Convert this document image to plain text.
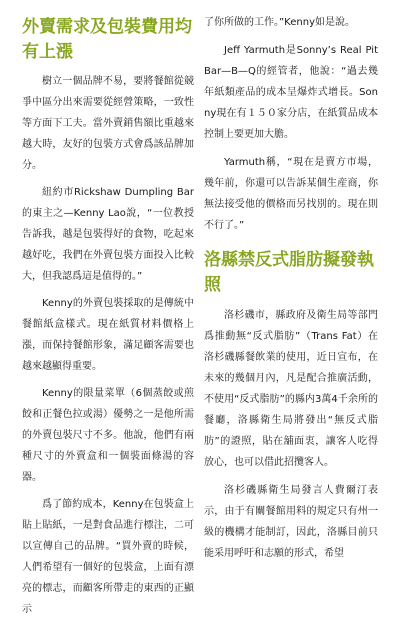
外賣需求及包裝費用均有上漲

樹立一個品牌不易，要將餐館從競爭中區分出來需要從經營策略，一致性等方面下工夫。當外賣銷售額比重越來越大時，友好的包裝方式會爲該品牌加分。

紐約市Rickshaw Dumpling Bar的東主之—Kenny Lao說，“一位教授告訴我，越是包裝得好的食物，吃起來越好吃，我們在外賣包裝方面投入比較大，但我認爲這是值得的。”

Kenny的外賣包裝採取的是傳統中餐館紙盒樣式。現在紙質材料價格上漲，而保持餐館形象，滿足顧客需要也越來越顯得重要。

Kenny的限量菜單（6個蒸餃或煎餃和正餐色拉或湯）優勢之一是他所需的外賣包裝尺寸不多。他說，他們有兩種尺寸的外賣盒和一個裝面條湯的容器。

爲了節約成本，Kenny在包裝盒上貼上貼紙，一是對食品進行標注，二可以宣傳自己的品牌。“買外賣的時候，人們希望有一個好的包裝盒，上面有漂亮的標志，而顧客所帶走的東西的正顯示

了你所做的工作。”Kenny如是說。

Jeff Yarmuth是Sonny’s Real Pit Bar—B—Q的經管者，他說：“過去幾年紙類產品的成本呈爆炸式增長。Sonny現在有１５０家分店，在紙質品成本控制上要更加大膽。

Yarmuth稱，“現在是賣方市場，幾年前，你還可以告訴某個生産商，你無法接受他的價格而另找別的。現在則不行了。”

洛縣禁反式脂肪擬發執照

洛杉磯市，縣政府及衛生局等部門爲推動無“反式脂肪”（Trans Fat）在洛杉磯縣餐飲業的使用，近日宣布，在未來的幾個月內，凡是配合推廣活動，不使用“反式脂肪”的縣内3萬4千余所的餐廳，洛縣衛生局將發出“無反式脂肪”的證照，貼在舖面衷，讓客人吃得放心，也可以借此招攬客人。

洛杉磯縣衛生局發言人費爾汀表示，由于有關餐館用料的規定只有州一級的機構才能制訂，因此，洛縣目前只能采用呼吁和志願的形式，希望
